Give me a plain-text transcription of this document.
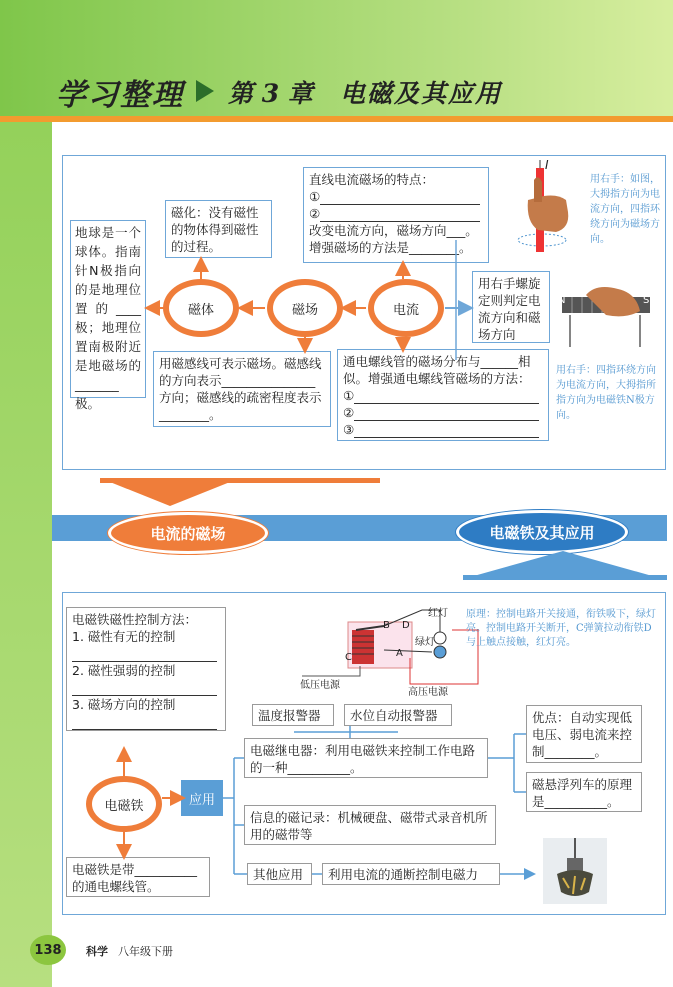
学习整理 第 3 章 电磁及其应用
地球是一个球体。指南针N极指向的是地理位置的____极；地理位置南极附近是地磁场的_______极。
磁化：没有磁性的物体得到磁性的过程。
直线电流磁场的特点：
①
②
改变电流方向，磁场方向___。
增强磁场的方法是________。
用右手螺旋定则判定电流方向和磁场方向
用磁感线可表示磁场。磁感线的方向表示_______________方向；磁感线的疏密程度表示________。
通电螺线管的磁场分布与______相似。增强通电螺线管磁场的方法：
①
②
③
磁体	磁场	电流
I
N	S
用右手：如图，大拇指方向为电流方向，四指环绕方向为磁场方向。
用右手：四指环绕方向为电流方向，大拇指所指方向为电磁铁N极方向。
电流的磁场	电磁铁及其应用
电磁铁磁性控制方法：
1. 磁性有无的控制
2. 磁性强弱的控制
3. 磁场方向的控制
红灯
绿灯
B
C
D
A
低压电源
高压电源
原理：控制电路开关接通，衔铁吸下，绿灯亮。控制电路开关断开，C弹簧拉动衔铁D与上触点接触，红灯亮。
温度报警器	水位自动报警器
电磁继电器：利用电磁铁来控制工作电路的一种__________。
优点：自动实现低电压、弱电流来控制________。
磁悬浮列车的原理是__________。
信息的磁记录：机械硬盘、磁带式录音机所用的磁带等
其他应用	利用电流的通断控制电磁力
电磁铁	应用
电磁铁是带__________的通电螺线管。
138	科学 八年级下册
